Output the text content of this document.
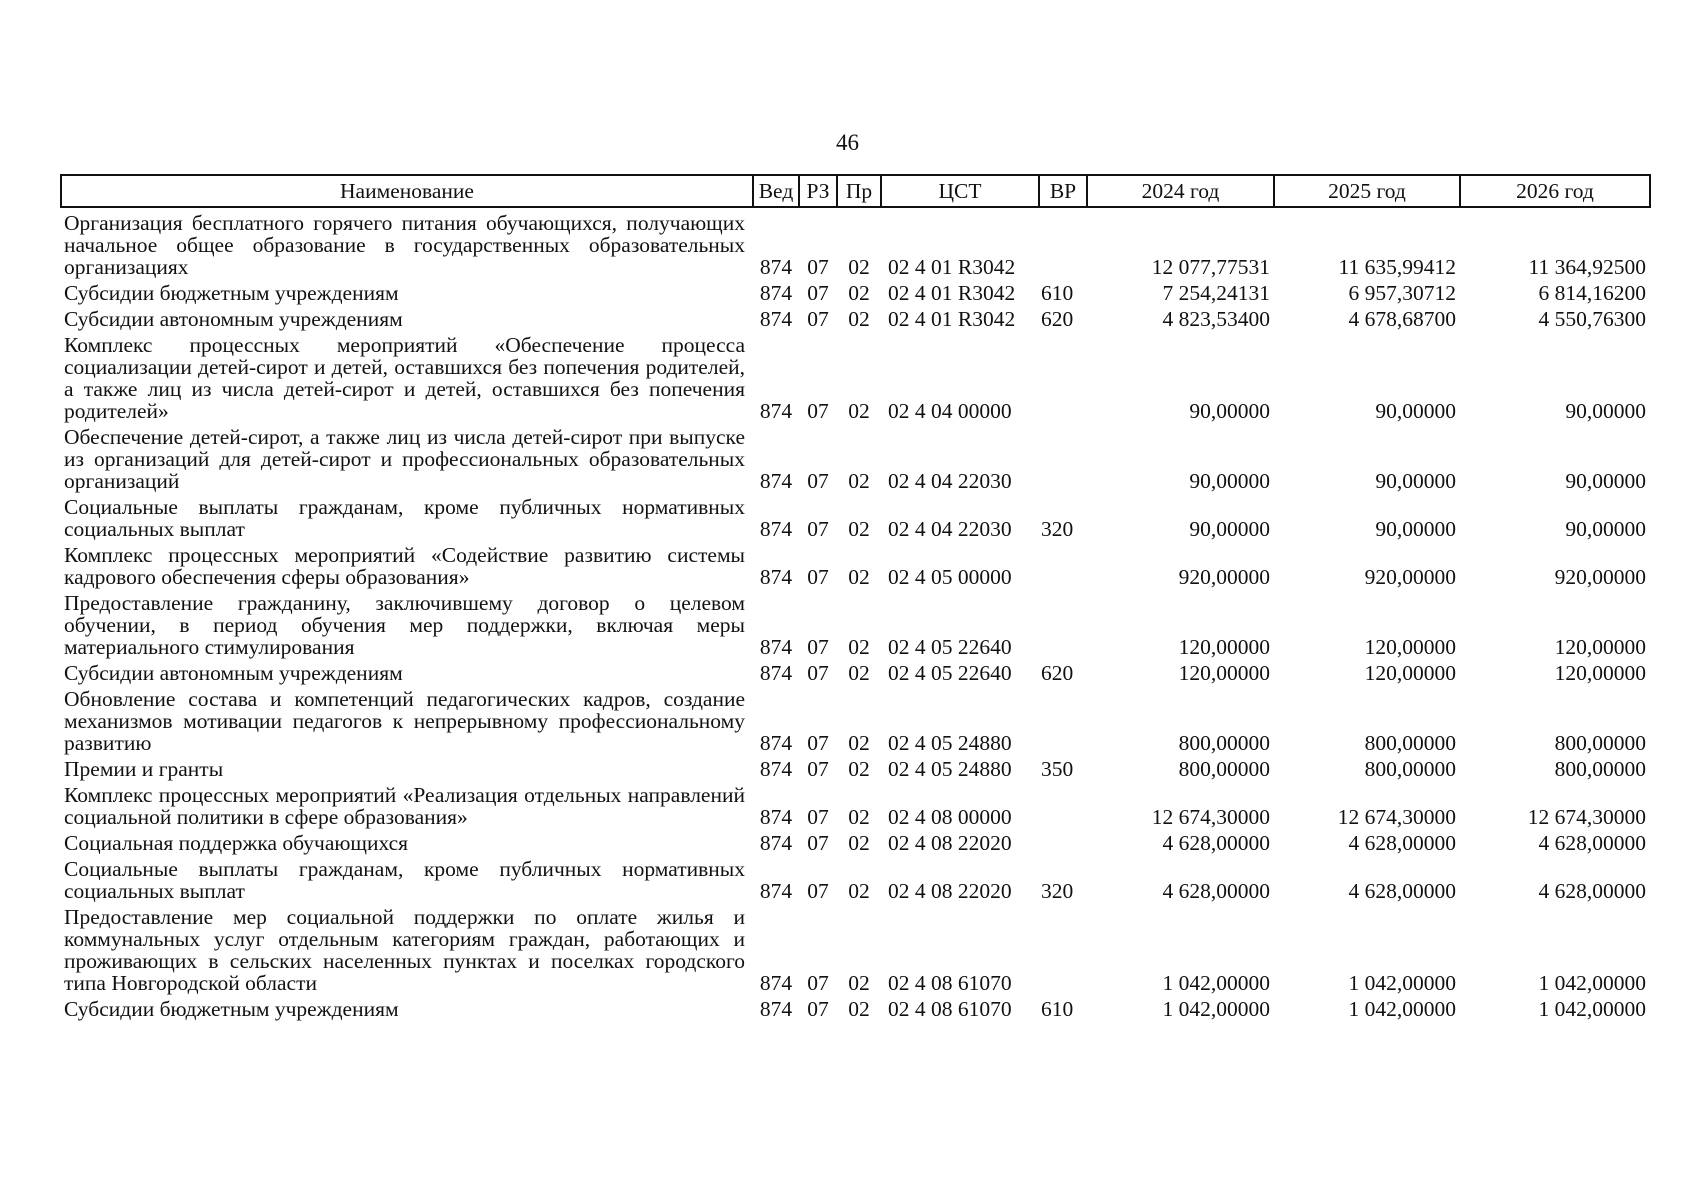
46
Наименование	Вед	РЗ	Пр	ЦСТ	ВР	2024 год	2025 год	2026 год
Организация бесплатного горячего питания обучающихся, получающих начальное общее образование в государственных образовательных организациях	874	07	02	02 4 01 R3042		12 077,77531	11 635,99412	11 364,92500
Субсидии бюджетным учреждениям	874	07	02	02 4 01 R3042	610	7 254,24131	6 957,30712	6 814,16200
Субсидии автономным учреждениям	874	07	02	02 4 01 R3042	620	4 823,53400	4 678,68700	4 550,76300
Комплекс процессных мероприятий «Обеспечение процесса социализации детей-сирот и детей, оставшихся без попечения родителей, а также лиц из числа детей-сирот и детей, оставшихся без попечения родителей»	874	07	02	02 4 04 00000		90,00000	90,00000	90,00000
Обеспечение детей-сирот, а также лиц из числа детей-сирот при выпуске из организаций для детей-сирот и профессиональных образовательных организаций	874	07	02	02 4 04 22030		90,00000	90,00000	90,00000
Социальные выплаты гражданам, кроме публичных нормативных социальных выплат	874	07	02	02 4 04 22030	320	90,00000	90,00000	90,00000
Комплекс процессных мероприятий «Содействие развитию системы кадрового обеспечения сферы образования»	874	07	02	02 4 05 00000		920,00000	920,00000	920,00000
Предоставление гражданину, заключившему договор о целевом обучении, в период обучения мер поддержки, включая меры материального стимулирования	874	07	02	02 4 05 22640		120,00000	120,00000	120,00000
Субсидии автономным учреждениям	874	07	02	02 4 05 22640	620	120,00000	120,00000	120,00000
Обновление состава и компетенций педагогических кадров, создание механизмов мотивации педагогов к непрерывному профессиональному развитию	874	07	02	02 4 05 24880		800,00000	800,00000	800,00000
Премии и гранты	874	07	02	02 4 05 24880	350	800,00000	800,00000	800,00000
Комплекс процессных мероприятий «Реализация отдельных направлений социальной политики в сфере образования»	874	07	02	02 4 08 00000		12 674,30000	12 674,30000	12 674,30000
Социальная поддержка обучающихся	874	07	02	02 4 08 22020		4 628,00000	4 628,00000	4 628,00000
Социальные выплаты гражданам, кроме публичных нормативных социальных выплат	874	07	02	02 4 08 22020	320	4 628,00000	4 628,00000	4 628,00000
Предоставление мер социальной поддержки по оплате жилья и коммунальных услуг отдельным категориям граждан, работающих и проживающих в сельских населенных пунктах и поселках городского типа Новгородской области	874	07	02	02 4 08 61070		1 042,00000	1 042,00000	1 042,00000
Субсидии бюджетным учреждениям	874	07	02	02 4 08 61070	610	1 042,00000	1 042,00000	1 042,00000
